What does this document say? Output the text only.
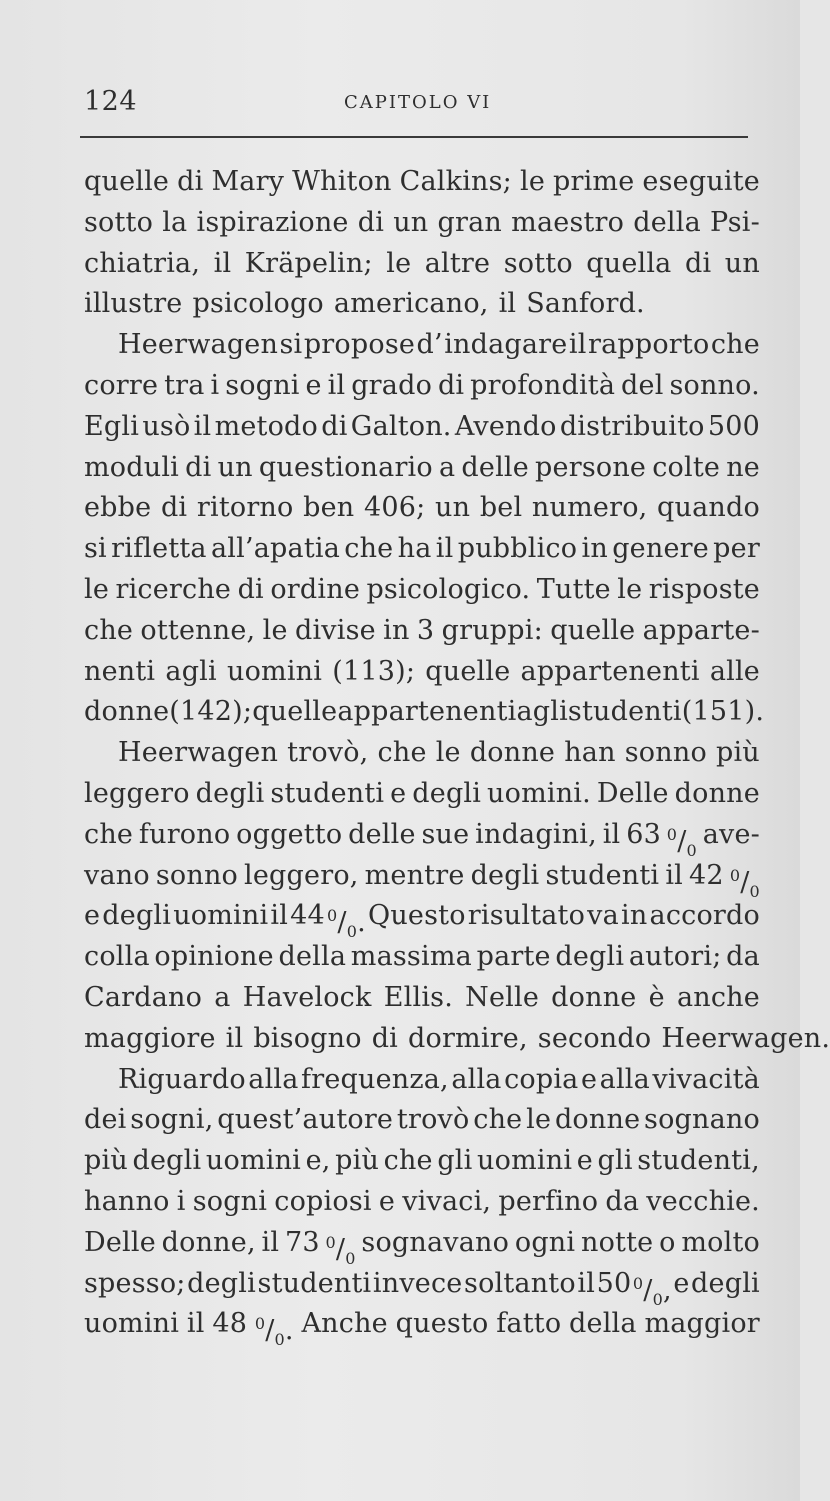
124	CAPITOLO VI
quelle di Mary Whiton Calkins; le prime eseguite
sotto la ispirazione di un gran maestro della Psi-
chiatria, il Kräpelin; le altre sotto quella di un
illustre psicologo americano, il Sanford.
Heerwagen si propose d’ indagare il rapporto che
corre tra i sogni e il grado di profondità del sonno.
Egli usò il metodo di Galton. Avendo distribuito 500
moduli di un questionario a delle persone colte ne
ebbe di ritorno ben 406; un bel numero, quando
si rifletta all’apatia che ha il pubblico in genere per
le ricerche di ordine psicologico. Tutte le risposte
che ottenne, le divise in 3 gruppi: quelle apparte-
nenti agli uomini (113); quelle appartenenti alle
donne (142); quelle appartenenti agli studenti (151).
Heerwagen trovò, che le donne han sonno più
leggero degli studenti e degli uomini. Delle donne
che furono oggetto delle sue indagini, il 63 0/0
ave-
vano sonno leggero, mentre degli studenti il 42 0/0
e degli uomini il 44 0/0. Questo risultato va in accordo
colla opinione della massima parte degli autori; da
Cardano a Havelock Ellis. Nelle donne è anche
maggiore il bisogno di dormire, secondo Heerwagen.
Riguardo alla frequenza, alla copia e alla vivacità
dei sogni, quest’autore trovò che le donne sognano
più degli uomini e, più che gli uomini e gli studenti,
hanno i sogni copiosi e vivaci, perfino da vecchie.
Delle donne, il 73 0/0
sognavano ogni notte o molto
spesso; degli studenti invece soltanto il 50 0/0, e degli
uomini il 48 0/0. Anche questo fatto della maggior
